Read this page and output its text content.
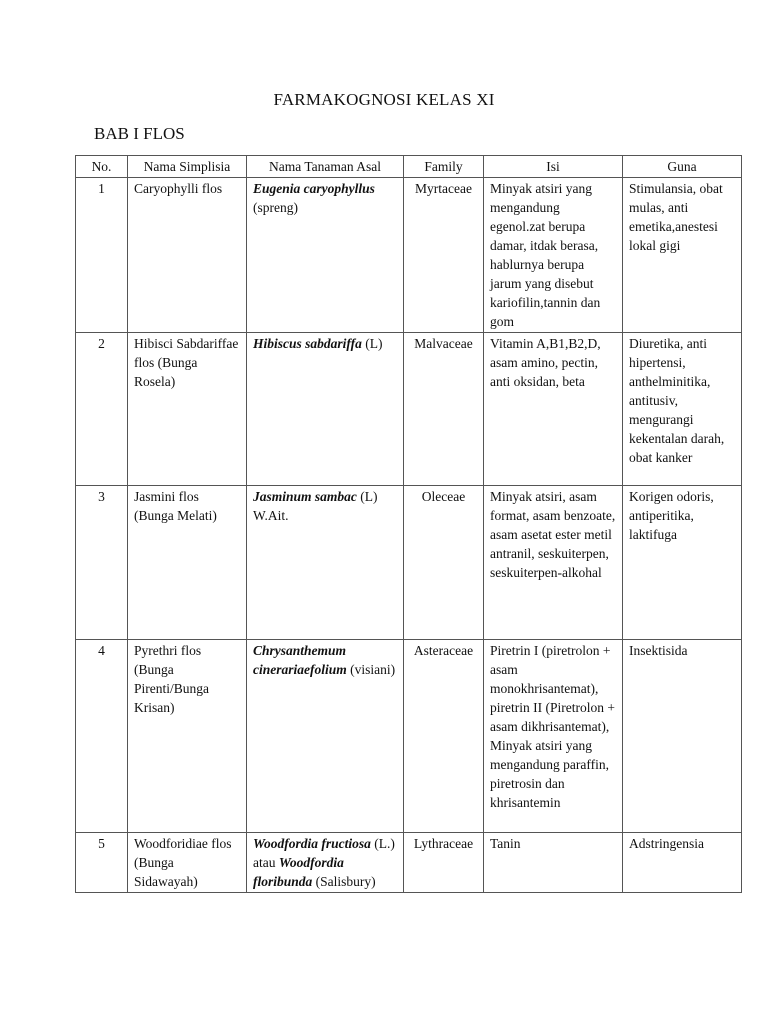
FARMAKOGNOSI KELAS XI
BAB I FLOS
No.	Nama Simplisia	Nama Tanaman Asal	Family	Isi	Guna
1	Caryophylli flos	Eugenia caryophyllus (spreng)	Myrtaceae	Minyak atsiri yang mengandung egenol.zat berupa damar, itdak berasa, hablurnya berupa jarum yang disebut kariofilin,tannin dan gom	Stimulansia, obat mulas, anti emetika,anestesi lokal gigi
2	Hibisci Sabdariffae flos (Bunga Rosela)	Hibiscus sabdariffa (L)	Malvaceae	Vitamin A,B1,B2,D, asam amino, pectin, anti oksidan, beta	Diuretika, anti hipertensi, anthelminitika, antitusiv, mengurangi kekentalan darah, obat kanker
3	Jasmini flos (Bunga Melati)	Jasminum sambac (L) W.Ait.	Oleceae	Minyak atsiri, asam format, asam benzoate, asam asetat ester metil antranil, seskuiterpen, seskuiterpen-alkohal	Korigen odoris, antiperitika, laktifuga
4	Pyrethri flos (Bunga Pirenti/Bunga Krisan)	Chrysanthemum cinerariaefolium (visiani)	Asteraceae	Piretrin I (piretrolon + asam monokhrisantemat), piretrin II (Piretrolon + asam dikhrisantemat), Minyak atsiri yang mengandung paraffin, piretrosin dan khrisantemin	Insektisida
5	Woodforidiae flos (Bunga Sidawayah)	Woodfordia fructiosa (L.) atau Woodfordia floribunda (Salisbury)	Lythraceae	Tanin	Adstringensia
